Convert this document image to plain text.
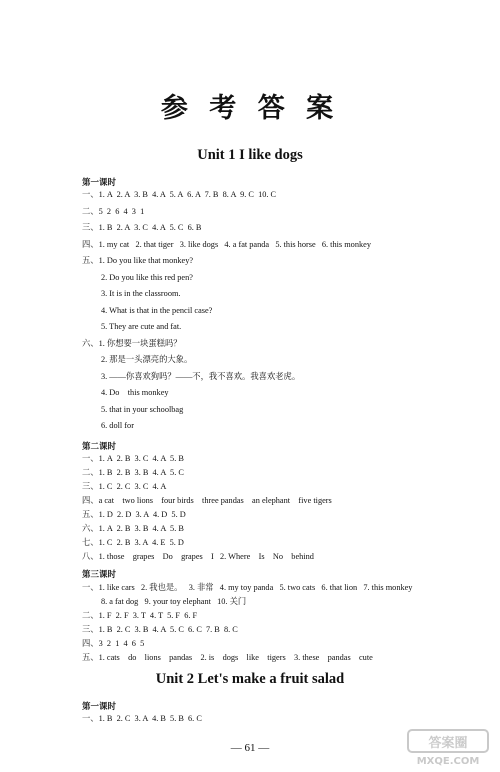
参 考 答 案
Unit 1 I like dogs
第一课时
一、1. A  2. A  3. B  4. A  5. A  6. A  7. B  8. A  9. C  10. C
二、5  2  6  4  3  1
三、1. B  2. A  3. C  4. A  5. C  6. B
四、1. my cat   2. that tiger   3. like dogs   4. a fat panda   5. this horse   6. this monkey
五、1. Do you like that monkey?
2. Do you like this red pen?
3. It is in the classroom.
4. What is that in the pencil case?
5. They are cute and fat.
六、1. 你想要一块蛋糕吗？
2. 那是一头漂亮的大象。
3. ——你喜欢狗吗？——不，我不喜欢。我喜欢老虎。
4. Do    this monkey
5. that in your schoolbag
6. doll for
第二课时
一、1. A  2. B  3. C  4. A  5. B
二、1. B  2. B  3. B  4. A  5. C
三、1. C  2. C  3. C  4. A
四、a cat    two lions    four birds    three pandas    an elephant    five tigers
五、1. D  2. D  3. A  4. D  5. D
六、1. A  2. B  3. B  4. A  5. B
七、1. C  2. B  3. A  4. E  5. D
八、1. those    grapes    Do    grapes    I   2. Where    Is    No    behind
第三课时
一、1. like cars   2. 我也是。   3. 非常   4. my toy panda   5. two cats   6. that lion   7. this monkey
8. a fat dog   9. your toy elephant   10. 关门
二、1. F  2. F  3. T  4. T  5. F  6. F
三、1. B  2. C  3. B  4. A  5. C  6. C  7. B  8. C
四、3  2  1  4  6  5
五、1. cats    do    lions    pandas    2. is    dogs    like    tigers    3. these    pandas    cute
Unit 2 Let's make a fruit salad
第一课时
一、1. B  2. C  3. A  4. B  5. B  6. C
— 61 —	答案圈
MXQE.COM
